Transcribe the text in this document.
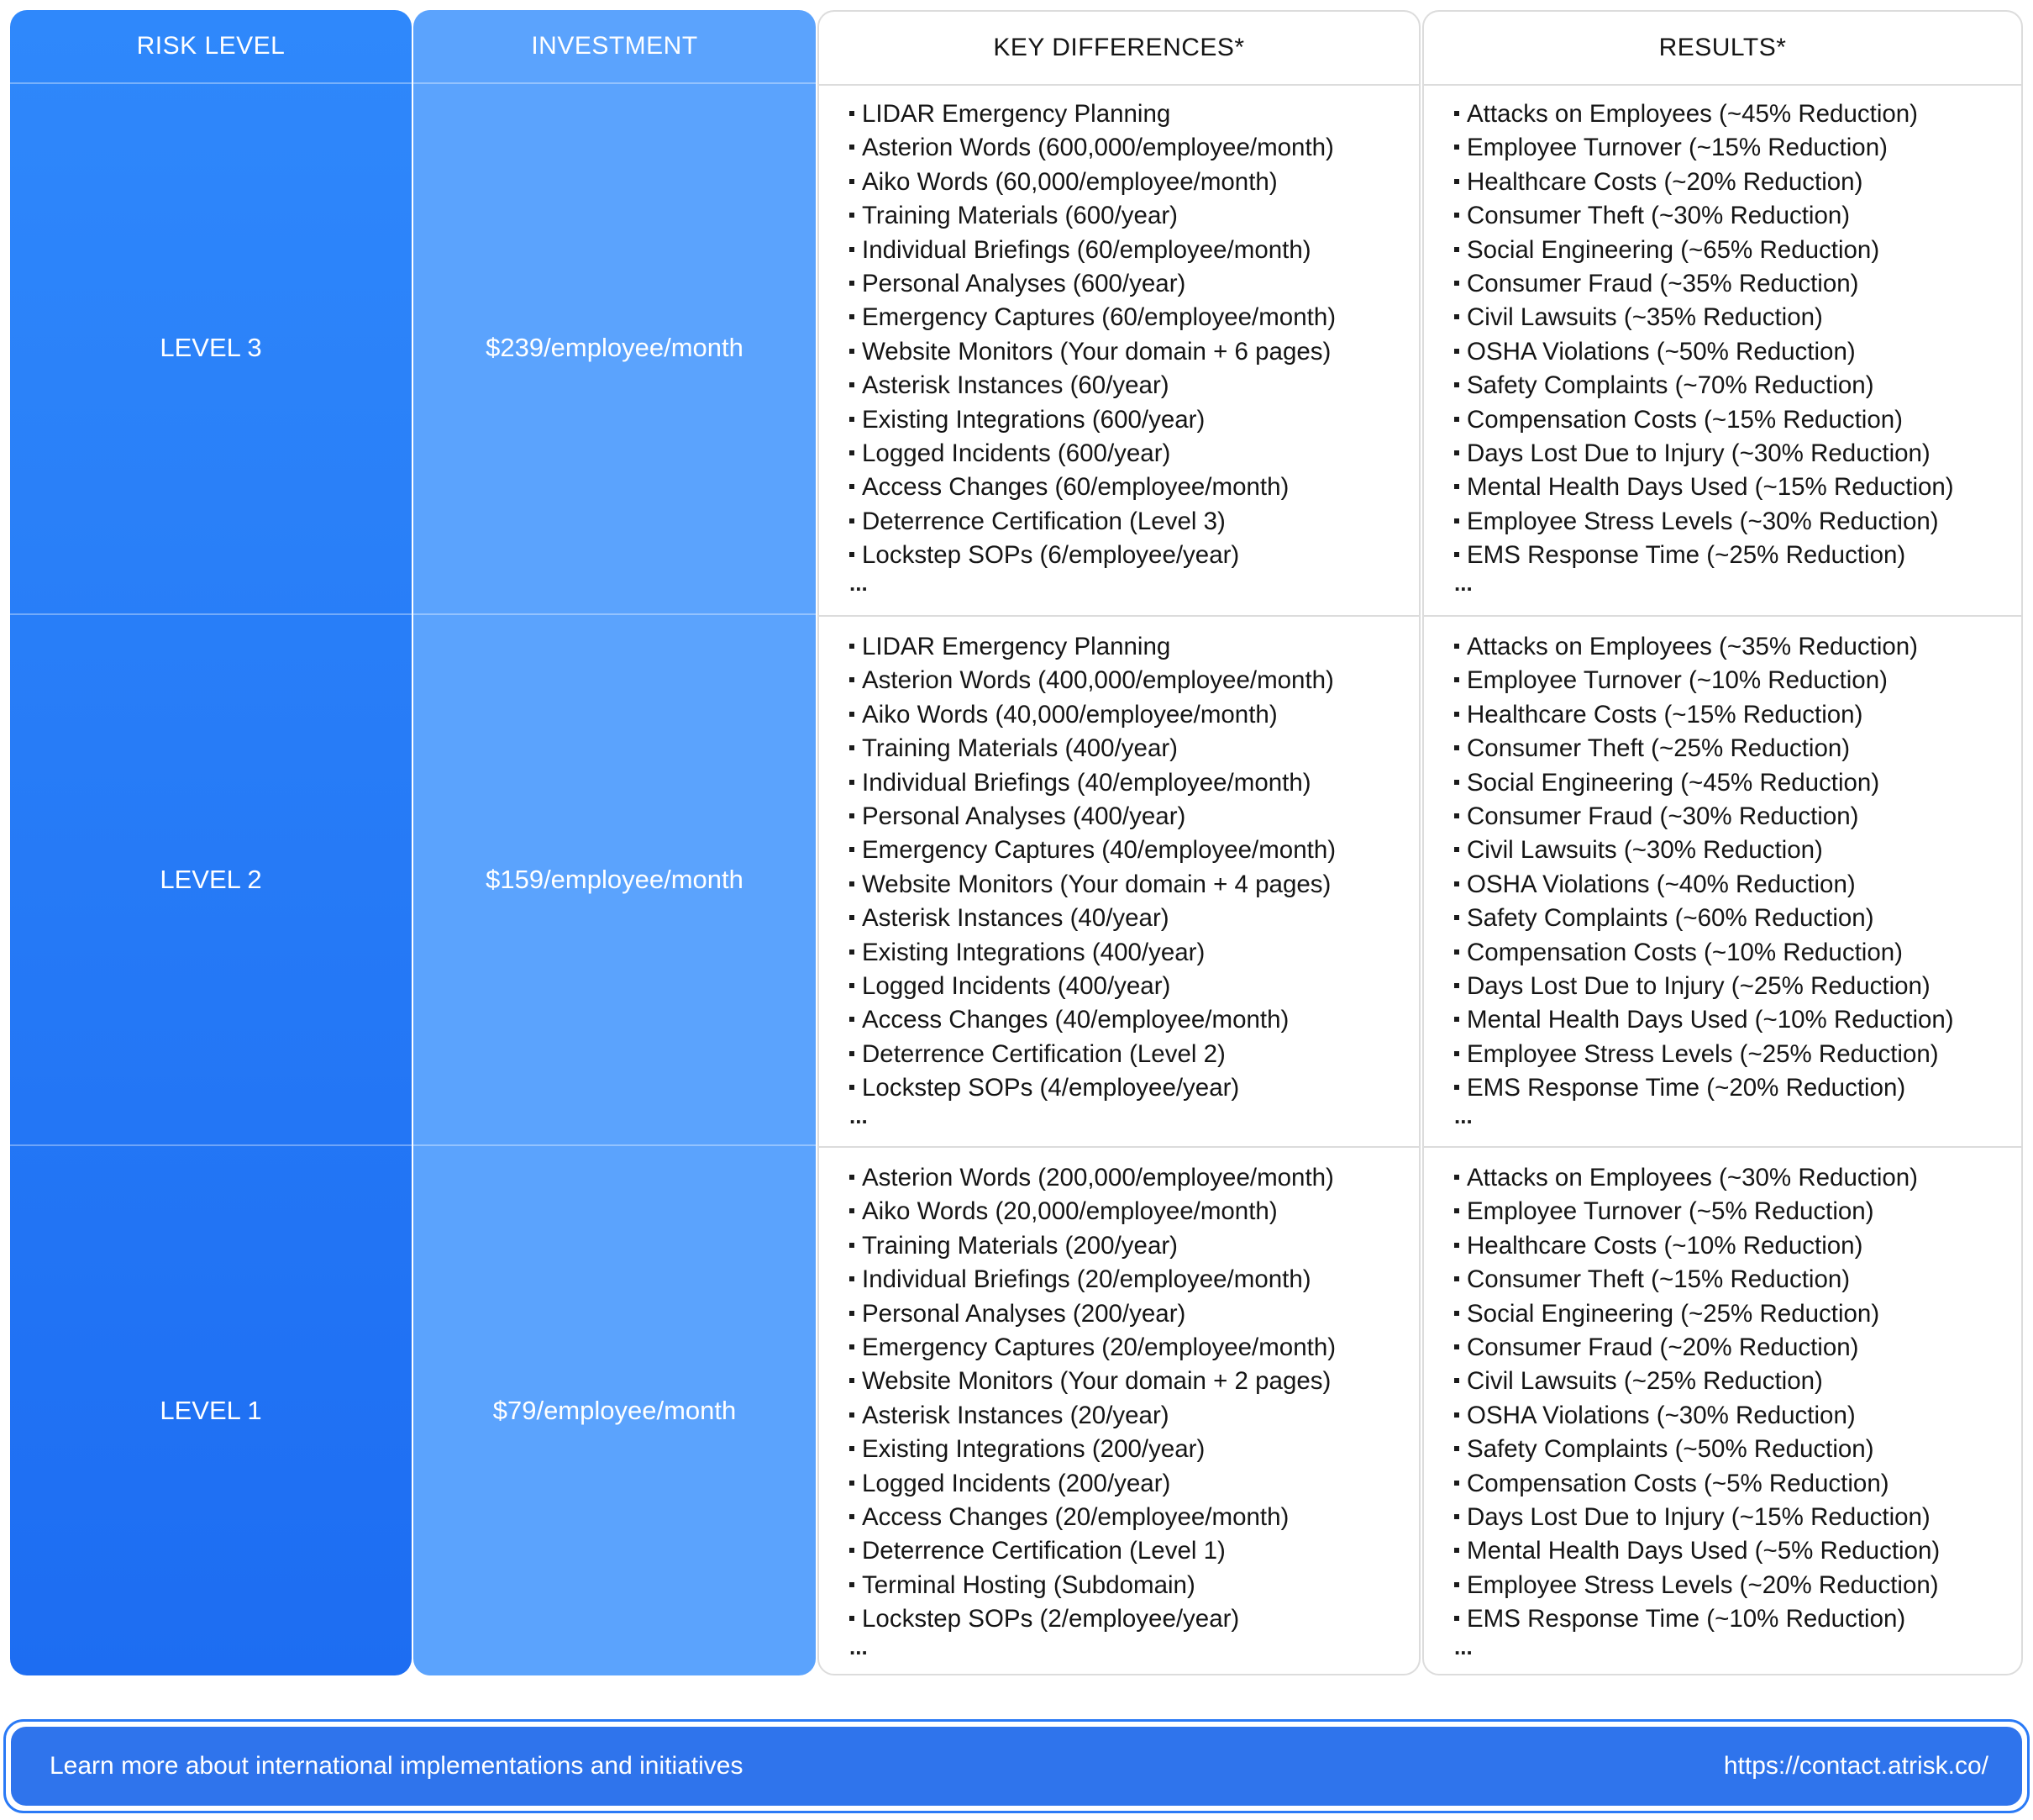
RISK LEVEL
LEVEL 3
LEVEL 2
LEVEL 1
INVESTMENT
$239/employee/month
$159/employee/month
$79/employee/month
KEY DIFFERENCES*
LIDAR Emergency Planning
Asterion Words (600,000/employee/month)
Aiko Words (60,000/employee/month)
Training Materials (600/year)
Individual Briefings (60/employee/month)
Personal Analyses (600/year)
Emergency Captures (60/employee/month)
Website Monitors (Your domain + 6 pages)
Asterisk Instances (60/year)
Existing Integrations (600/year)
Logged Incidents (600/year)
Access Changes (60/employee/month)
Deterrence Certification (Level 3)
Lockstep SOPs (6/employee/year)
...
LIDAR Emergency Planning
Asterion Words (400,000/employee/month)
Aiko Words (40,000/employee/month)
Training Materials (400/year)
Individual Briefings (40/employee/month)
Personal Analyses (400/year)
Emergency Captures (40/employee/month)
Website Monitors (Your domain + 4 pages)
Asterisk Instances (40/year)
Existing Integrations (400/year)
Logged Incidents (400/year)
Access Changes (40/employee/month)
Deterrence Certification (Level 2)
Lockstep SOPs (4/employee/year)
...
Asterion Words (200,000/employee/month)
Aiko Words (20,000/employee/month)
Training Materials (200/year)
Individual Briefings (20/employee/month)
Personal Analyses (200/year)
Emergency Captures (20/employee/month)
Website Monitors (Your domain + 2 pages)
Asterisk Instances (20/year)
Existing Integrations (200/year)
Logged Incidents (200/year)
Access Changes (20/employee/month)
Deterrence Certification (Level 1)
Terminal Hosting (Subdomain)
Lockstep SOPs (2/employee/year)
...
RESULTS*
Attacks on Employees (~45% Reduction)
Employee Turnover (~15% Reduction)
Healthcare Costs (~20% Reduction)
Consumer Theft (~30% Reduction)
Social Engineering (~65% Reduction)
Consumer Fraud (~35% Reduction)
Civil Lawsuits (~35% Reduction)
OSHA Violations (~50% Reduction)
Safety Complaints (~70% Reduction)
Compensation Costs (~15% Reduction)
Days Lost Due to Injury (~30% Reduction)
Mental Health Days Used (~15% Reduction)
Employee Stress Levels (~30% Reduction)
EMS Response Time (~25% Reduction)
...
Attacks on Employees (~35% Reduction)
Employee Turnover (~10% Reduction)
Healthcare Costs (~15% Reduction)
Consumer Theft (~25% Reduction)
Social Engineering (~45% Reduction)
Consumer Fraud (~30% Reduction)
Civil Lawsuits (~30% Reduction)
OSHA Violations (~40% Reduction)
Safety Complaints (~60% Reduction)
Compensation Costs (~10% Reduction)
Days Lost Due to Injury (~25% Reduction)
Mental Health Days Used (~10% Reduction)
Employee Stress Levels (~25% Reduction)
EMS Response Time (~20% Reduction)
...
Attacks on Employees (~30% Reduction)
Employee Turnover (~5% Reduction)
Healthcare Costs (~10% Reduction)
Consumer Theft (~15% Reduction)
Social Engineering (~25% Reduction)
Consumer Fraud (~20% Reduction)
Civil Lawsuits (~25% Reduction)
OSHA Violations (~30% Reduction)
Safety Complaints (~50% Reduction)
Compensation Costs (~5% Reduction)
Days Lost Due to Injury (~15% Reduction)
Mental Health Days Used (~5% Reduction)
Employee Stress Levels (~20% Reduction)
EMS Response Time (~10% Reduction)
...
Learn more about international implementations and initiatives	https://contact.atrisk.co/
